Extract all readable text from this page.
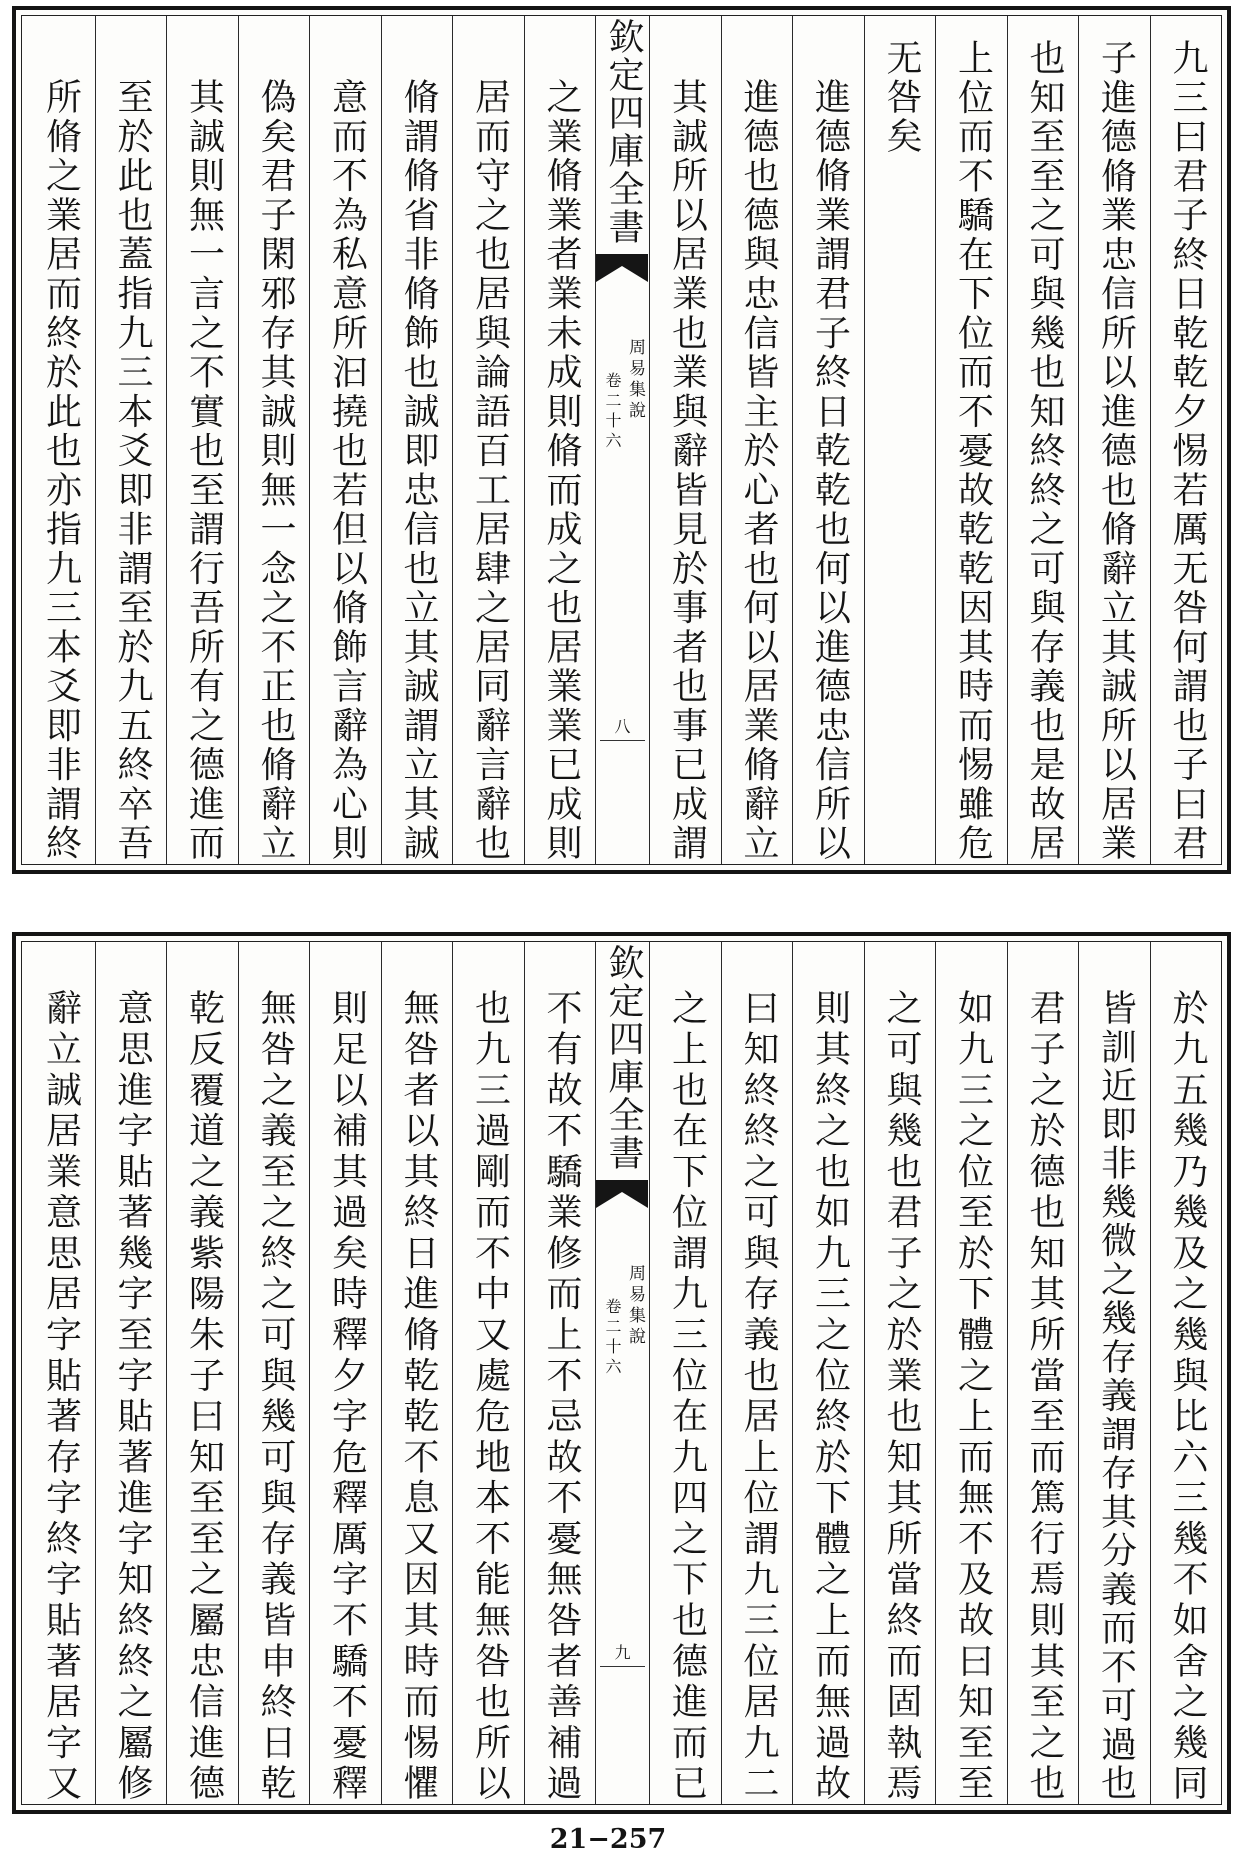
九三曰君子終日乾乾夕惕若厲无咎何謂也子曰君
子進德脩業忠信所以進德也脩辭立其誠所以居業
也知至至之可與幾也知終終之可與存義也是故居
上位而不驕在下位而不憂故乾乾因其時而惕雖危
无咎矣
進德脩業謂君子終日乾乾也何以進德忠信所以
進德也德與忠信皆主於心者也何以居業脩辭立
其誠所以居業也業與辭皆見於事者也事已成謂
欽定四庫全書
周易集說
卷二十六
八
之業脩業者業未成則脩而成之也居業業已成則
居而守之也居與論語百工居肆之居同辭言辭也
脩謂脩省非脩飾也誠即忠信也立其誠謂立其誠
意而不為私意所汩撓也若但以脩飾言辭為心則
偽矣君子閑邪存其誠則無一念之不正也脩辭立
其誠則無一言之不實也至謂行吾所有之德進而
至於此也蓋指九三本爻即非謂至於九五終卒吾
所脩之業居而終於此也亦指九三本爻即非謂終
於九五幾乃幾及之幾與比六三幾不如舍之幾同
皆訓近即非幾微之幾存義謂存其分義而不可過也
君子之於德也知其所當至而篤行焉則其至之也
如九三之位至於下體之上而無不及故曰知至至
之可與幾也君子之於業也知其所當終而固執焉
則其終之也如九三之位終於下體之上而無過故
曰知終終之可與存義也居上位謂九三位居九二
之上也在下位謂九三位在九四之下也德進而已
欽定四庫全書
周易集說
卷二十六
九
不有故不驕業修而上不忌故不憂無咎者善補過
也九三過剛而不中又處危地本不能無咎也所以
無咎者以其終日進脩乾乾不息又因其時而惕懼
則足以補其過矣時釋夕字危釋厲字不驕不憂釋
無咎之義至之終之可與幾可與存義皆申終日乾
乾反覆道之義紫陽朱子曰知至至之屬忠信進德
意思進字貼著幾字至字貼著進字知終終之屬修
辭立誠居業意思居字貼著存字終字貼著居字又
21−257
